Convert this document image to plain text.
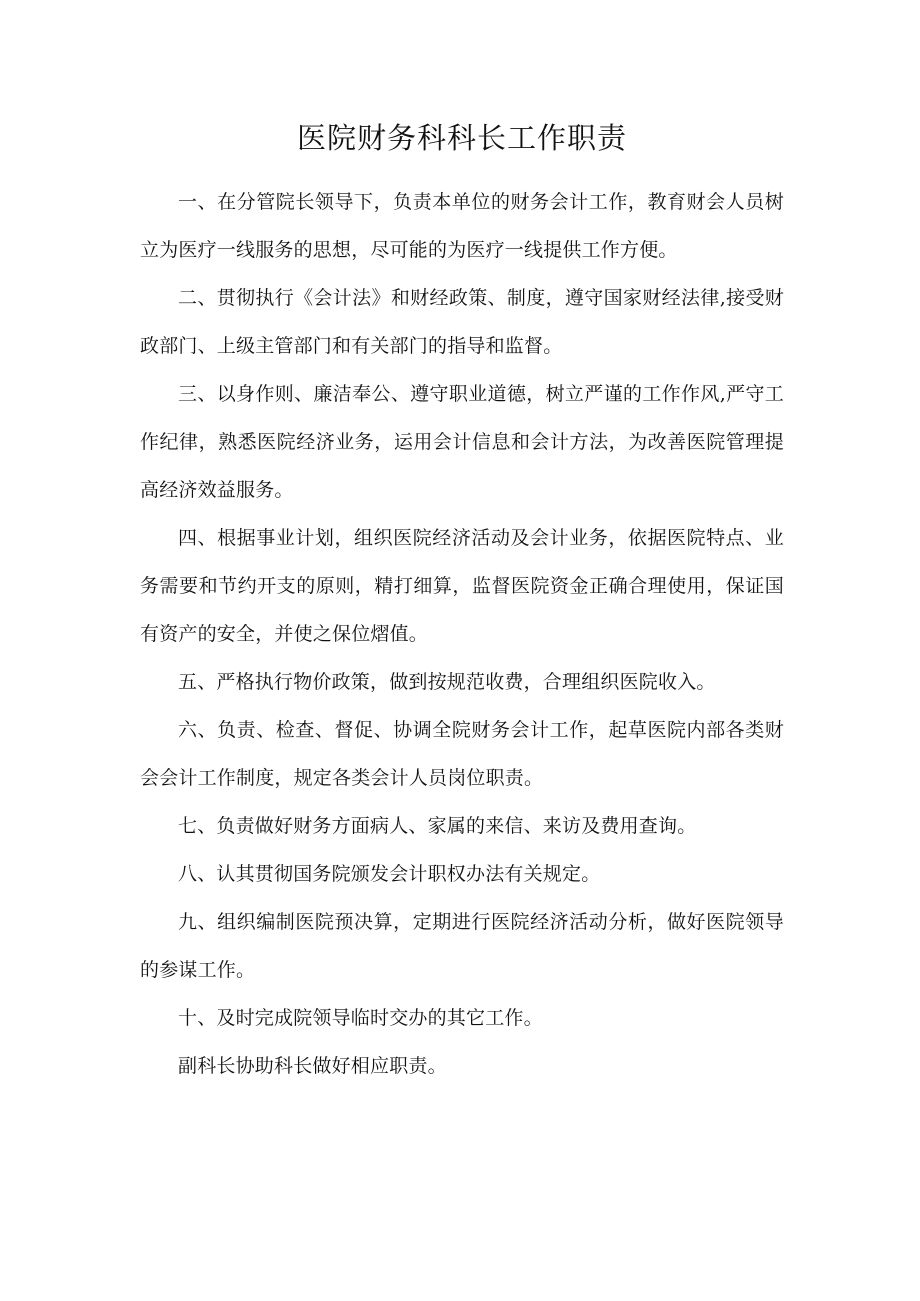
医院财务科科长工作职责

一、在分管院长领导下，负责本单位的财务会计工作，教育财会人员树立为医疗一线服务的思想，尽可能的为医疗一线提供工作方便。

二、贯彻执行《会计法》和财经政策、制度，遵守国家财经法律,接受财政部门、上级主管部门和有关部门的指导和监督。

三、以身作则、廉洁奉公、遵守职业道德，树立严谨的工作作风,严守工作纪律，熟悉医院经济业务，运用会计信息和会计方法，为改善医院管理提高经济效益服务。

四、根据事业计划，组织医院经济活动及会计业务，依据医院特点、业务需要和节约开支的原则，精打细算，监督医院资金正确合理使用，保证国有资产的安全，并使之保位熠值。

五、严格执行物价政策，做到按规范收费，合理组织医院收入。

六、负责、检查、督促、协调全院财务会计工作，起草医院内部各类财会会计工作制度，规定各类会计人员岗位职责。

七、负责做好财务方面病人、家属的来信、来访及费用查询。

八、认其贯彻国务院颁发会计职权办法有关规定。

九、组织编制医院预决算，定期进行医院经济活动分析，做好医院领导的参谋工作。

十、及时完成院领导临时交办的其它工作。

副科长协助科长做好相应职责。
